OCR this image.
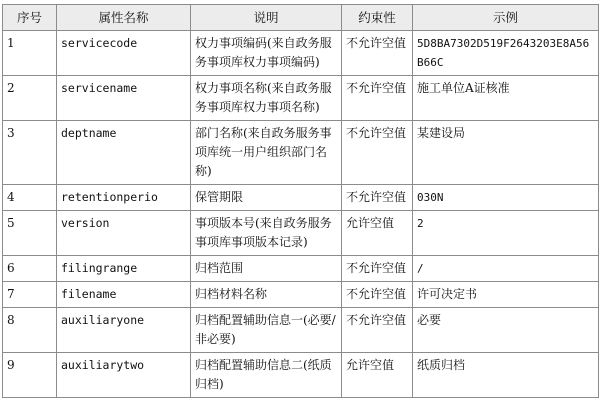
序号	属性名称	说明	约束性	示例
1	servicecode	权力事项编码(来自政务服务事项库权力事项编码)	不允许空值	5D8BA7302D519F2643203E8A56B66C
2	servicename	权力事项名称(来自政务服务事项库权力事项名称)	不允许空值	施工单位A证核准
3	deptname	部门名称(来自政务服务事项库统一用户组织部门名称)	不允许空值	某建设局
4	retentionperio	保管期限	不允许空值	030N
5	version	事项版本号(来自政务服务事项库事项版本记录)	允许空值	2
6	filingrange	归档范围	不允许空值	/
7	filename	归档材料名称	不允许空值	许可决定书
8	auxiliaryone	归档配置辅助信息一(必要/非必要)	不允许空值	必要
9	auxiliarytwo	归档配置辅助信息二(纸质归档)	允许空值	纸质归档
